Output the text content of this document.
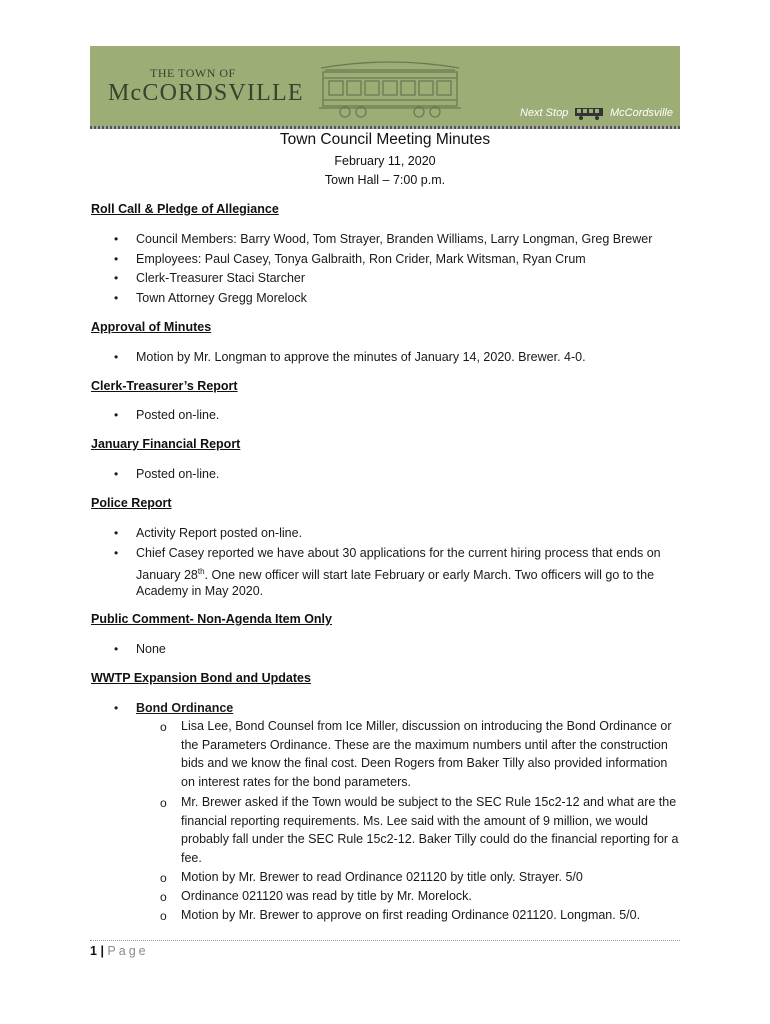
THE TOWN OF
McCORDSVILLE
Next Stop	McCordsville
Town Council Meeting Minutes
February 11, 2020
Town Hall – 7:00 p.m.
Roll Call & Pledge of Allegiance
•	Council Members: Barry Wood, Tom Strayer, Branden Williams, Larry Longman, Greg Brewer
•	Employees: Paul Casey, Tonya Galbraith, Ron Crider, Mark Witsman, Ryan Crum
•	Clerk-Treasurer Staci Starcher
•	Town Attorney Gregg Morelock
Approval of Minutes
•	Motion by Mr. Longman to approve the minutes of January 14, 2020. Brewer. 4-0.
Clerk-Treasurer’s Report
•	Posted on-line.
January Financial Report
•	Posted on-line.
Police Report
•	Activity Report posted on-line.
•	Chief Casey reported we have about 30 applications for the current hiring process that ends on
January 28th. One new officer will start late February or early March. Two officers will go to the
Academy in May 2020.
Public Comment- Non-Agenda Item Only
•	None
WWTP Expansion Bond and Updates
•	Bond Ordinance
o Lisa Lee, Bond Counsel from Ice Miller, discussion on introducing the Bond Ordinance or the Parameters Ordinance. These are the maximum numbers until after the construction bids and we know the final cost. Deen Rogers from Baker Tilly also provided information on interest rates for the bond parameters.
o Mr. Brewer asked if the Town would be subject to the SEC Rule 15c2-12 and what are the financial reporting requirements. Ms. Lee said with the amount of 9 million, we would probably fall under the SEC Rule 15c2-12. Baker Tilly could do the financial reporting for a fee.
o Motion by Mr. Brewer to read Ordinance 021120 by title only. Strayer. 5/0
o Ordinance 021120 was read by title by Mr. Morelock.
o Motion by Mr. Brewer to approve on first reading Ordinance 021120. Longman. 5/0.
1 | Page
